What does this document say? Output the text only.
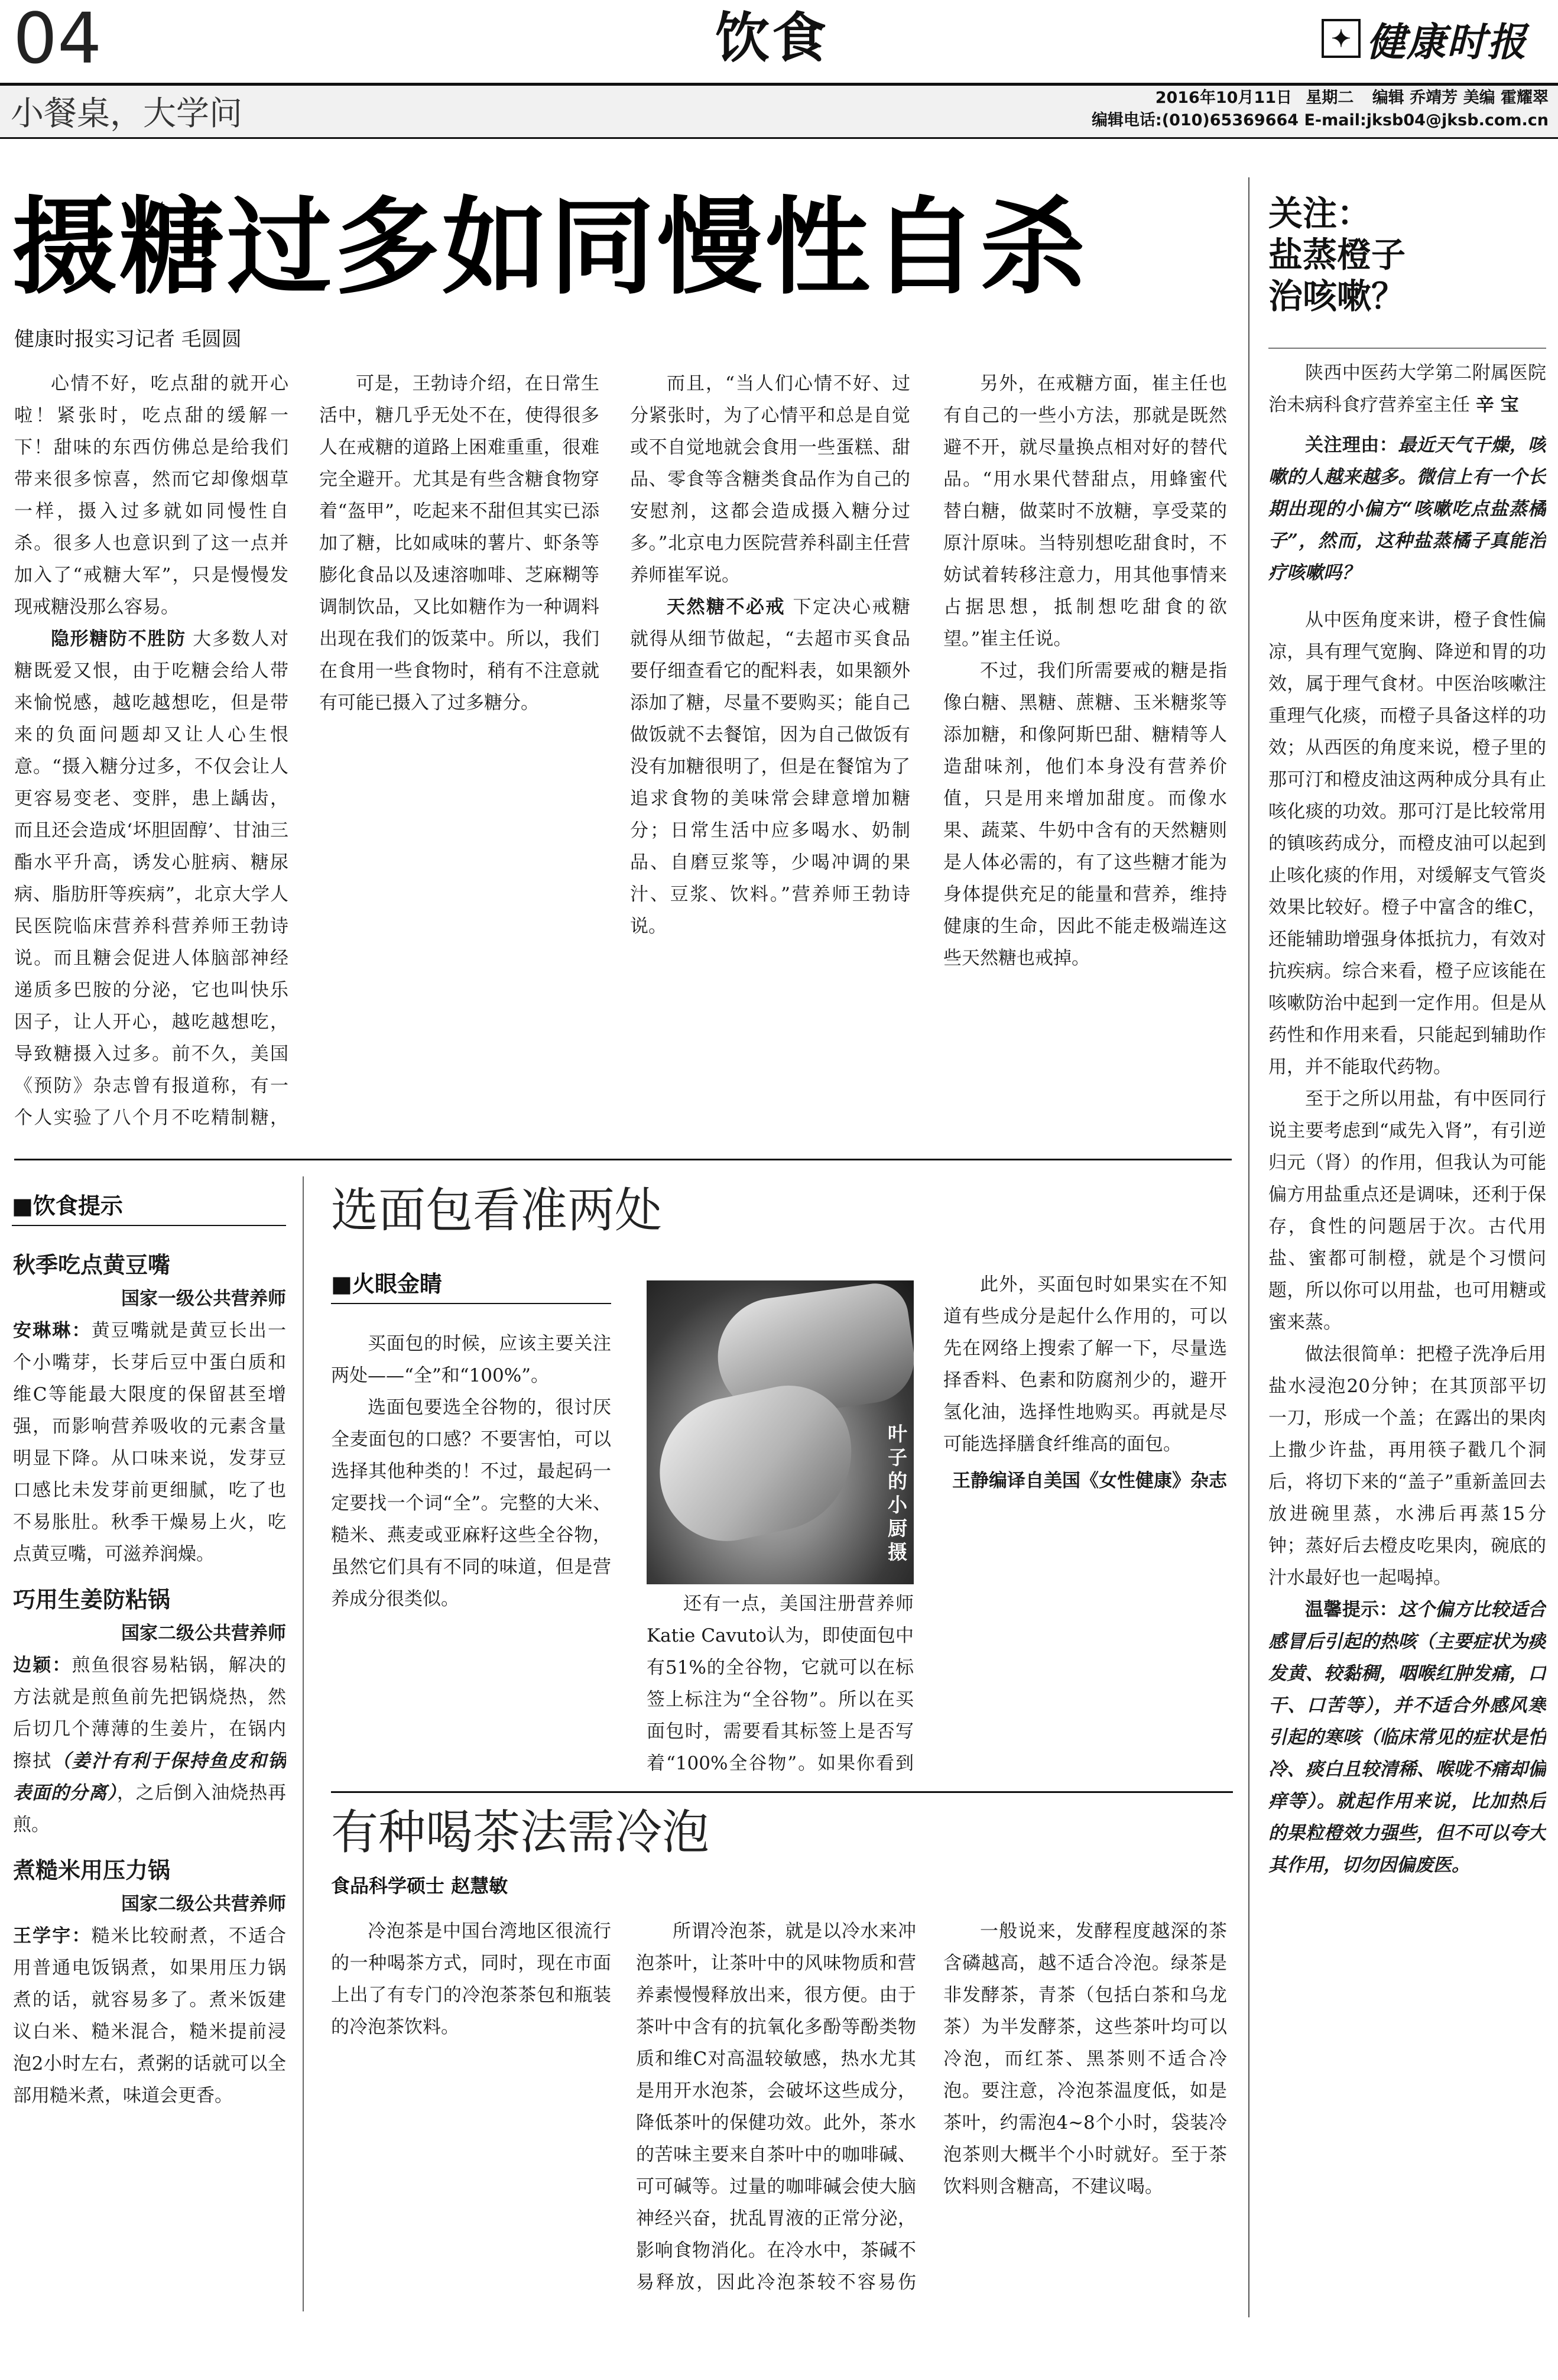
04	饮食	✦ 健康时报
小餐桌，大学问	2016年10月11日 星期二 编辑 乔靖芳 美编 霍耀翠
编辑电话:(010)65369664 E-mail:jksb04@jksb.com.cn
摄糖过多如同慢性自杀
健康时报实习记者 毛圆圆

心情不好，吃点甜的就开心啦！紧张时，吃点甜的缓解一下！甜味的东西仿佛总是给我们带来很多惊喜，然而它却像烟草一样，摄入过多就如同慢性自杀。很多人也意识到了这一点并加入了“戒糖大军”，只是慢慢发现戒糖没那么容易。

隐形糖防不胜防 大多数人对糖既爱又恨，由于吃糖会给人带来愉悦感，越吃越想吃，但是带来的负面问题却又让人心生恨意。“摄入糖分过多，不仅会让人更容易变老、变胖，患上龋齿，而且还会造成‘坏胆固醇’、甘油三酯水平升高，诱发心脏病、糖尿病、脂肪肝等疾病”，北京大学人民医院临床营养科营养师王勃诗说。而且糖会促进人体脑部神经递质多巴胺的分泌，它也叫快乐因子，让人开心，越吃越想吃，导致糖摄入过多。前不久，美国《预防》杂志曾有报道称，有一个人实验了八个月不吃精制糖，

可是，王勃诗介绍，在日常生活中，糖几乎无处不在，使得很多人在戒糖的道路上困难重重，很难完全避开。尤其是有些含糖食物穿着“盔甲”，吃起来不甜但其实已添加了糖，比如咸味的薯片、虾条等膨化食品以及速溶咖啡、芝麻糊等调制饮品，又比如糖作为一种调料出现在我们的饭菜中。所以，我们在食用一些食物时，稍有不注意就有可能已摄入了过多糖分。

而且，“当人们心情不好、过分紧张时，为了心情平和总是自觉或不自觉地就会食用一些蛋糕、甜品、零食等含糖类食品作为自己的安慰剂，这都会造成摄入糖分过多。”北京电力医院营养科副主任营养师崔军说。

天然糖不必戒 下定决心戒糖就得从细节做起，“去超市买食品要仔细查看它的配料表，如果额外添加了糖，尽量不要购买；能自己做饭就不去餐馆，因为自己做饭有没有加糖很明了，但是在餐馆为了追求食物的美味常会肆意增加糖分；日常生活中应多喝水、奶制品、自磨豆浆等，少喝冲调的果汁、豆浆、饮料。”营养师王勃诗说。

另外，在戒糖方面，崔主任也有自己的一些小方法，那就是既然避不开，就尽量换点相对好的替代品。“用水果代替甜点，用蜂蜜代替白糖，做菜时不放糖，享受菜的原汁原味。当特别想吃甜食时，不妨试着转移注意力，用其他事情来占据思想，抵制想吃甜食的欲望。”崔主任说。

不过，我们所需要戒的糖是指像白糖、黑糖、蔗糖、玉米糖浆等添加糖，和像阿斯巴甜、糖精等人造甜味剂，他们本身没有营养价值，只是用来增加甜度。而像水果、蔬菜、牛奶中含有的天然糖则是人体必需的，有了这些糖才能为身体提供充足的能量和营养，维持健康的生命，因此不能走极端连这些天然糖也戒掉。

关注：
盐蒸橙子
治咳嗽？

陕西中医药大学第二附属医院治未病科食疗营养室主任 辛 宝

关注理由：最近天气干燥，咳嗽的人越来越多。微信上有一个长期出现的小偏方“咳嗽吃点盐蒸橘子”，然而，这种盐蒸橘子真能治疗咳嗽吗？

从中医角度来讲，橙子食性偏凉，具有理气宽胸、降逆和胃的功效，属于理气食材。中医治咳嗽注重理气化痰，而橙子具备这样的功效；从西医的角度来说，橙子里的那可汀和橙皮油这两种成分具有止咳化痰的功效。那可汀是比较常用的镇咳药成分，而橙皮油可以起到止咳化痰的作用，对缓解支气管炎效果比较好。橙子中富含的维C，还能辅助增强身体抵抗力，有效对抗疾病。综合来看，橙子应该能在咳嗽防治中起到一定作用。但是从药性和作用来看，只能起到辅助作用，并不能取代药物。

至于之所以用盐，有中医同行说主要考虑到“咸先入肾”，有引逆归元（肾）的作用，但我认为可能偏方用盐重点还是调味，还利于保存，食性的问题居于次。古代用盐、蜜都可制橙，就是个习惯问题，所以你可以用盐，也可用糖或蜜来蒸。

做法很简单：把橙子洗净后用盐水浸泡20分钟；在其顶部平切一刀，形成一个盖；在露出的果肉上撒少许盐，再用筷子戳几个洞后，将切下来的“盖子”重新盖回去放进碗里蒸，水沸后再蒸15分钟；蒸好后去橙皮吃果肉，碗底的汁水最好也一起喝掉。

温馨提示：这个偏方比较适合感冒后引起的热咳（主要症状为痰发黄、较黏稠，咽喉红肿发痛，口干、口苦等），并不适合外感风寒引起的寒咳（临床常见的症状是怕冷、痰白且较清稀、喉咙不痛却偏痒等）。就起作用来说，比加热后的果粒橙效力强些，但不可以夸大其作用，切勿因偏废医。

■饮食提示
秋季吃点黄豆嘴
国家一级公共营养师

安琳琳：黄豆嘴就是黄豆长出一个小嘴芽，长芽后豆中蛋白质和维C等能最大限度的保留甚至增强，而影响营养吸收的元素含量明显下降。从口味来说，发芽豆口感比未发芽前更细腻，吃了也不易胀肚。秋季干燥易上火，吃点黄豆嘴，可滋养润燥。

巧用生姜防粘锅
国家二级公共营养师

边颖：煎鱼很容易粘锅，解决的方法就是煎鱼前先把锅烧热，然后切几个薄薄的生姜片，在锅内擦拭（姜汁有利于保持鱼皮和锅表面的分离），之后倒入油烧热再煎。

煮糙米用压力锅
国家二级公共营养师

王学宇：糙米比较耐煮，不适合用普通电饭锅煮，如果用压力锅煮的话，就容易多了。煮米饭建议白米、糙米混合，糙米提前浸泡2小时左右，煮粥的话就可以全部用糙米煮，味道会更香。

选面包看准两处
■火眼金睛

买面包的时候，应该主要关注两处——“全”和“100%”。

选面包要选全谷物的，很讨厌全麦面包的口感？不要害怕，可以选择其他种类的！不过，最起码一定要找一个词“全”。完整的大米、糙米、燕麦或亚麻籽这些全谷物，虽然它们具有不同的味道，但是营养成分很类似。

叶子的小厨摄

还有一点，美国注册营养师Katie Cavuto认为，即使面包中有51%的全谷物，它就可以在标签上标注为“全谷物”。所以在买面包时，需要看其标签上是否写着“100%全谷物”。如果你看到

此外，买面包时如果实在不知道有些成分是起什么作用的，可以先在网络上搜索了解一下，尽量选择香料、色素和防腐剂少的，避开氢化油，选择性地购买。再就是尽可能选择膳食纤维高的面包。

王静编译自美国《女性健康》杂志

有种喝茶法需冷泡
食品科学硕士 赵慧敏

冷泡茶是中国台湾地区很流行的一种喝茶方式，同时，现在市面上出了有专门的冷泡茶茶包和瓶装的冷泡茶饮料。

所谓冷泡茶，就是以冷水来冲泡茶叶，让茶叶中的风味物质和营养素慢慢释放出来，很方便。由于茶叶中含有的抗氧化多酚等酚类物质和维C对高温较敏感，热水尤其是用开水泡茶，会破坏这些成分，降低茶叶的保健功效。此外，茶水的苦味主要来自茶叶中的咖啡碱、可可碱等。过量的咖啡碱会使大脑神经兴奋，扰乱胃液的正常分泌，影响食物消化。在冷水中，茶碱不易释放，因此冷泡茶较不容易伤

一般说来，发酵程度越深的茶含磷越高，越不适合冷泡。绿茶是非发酵茶，青茶（包括白茶和乌龙茶）为半发酵茶，这些茶叶均可以冷泡，而红茶、黑茶则不适合冷泡。要注意，冷泡茶温度低，如是茶叶，约需泡4~8个小时，袋装冷泡茶则大概半个小时就好。至于茶饮料则含糖高，不建议喝。
